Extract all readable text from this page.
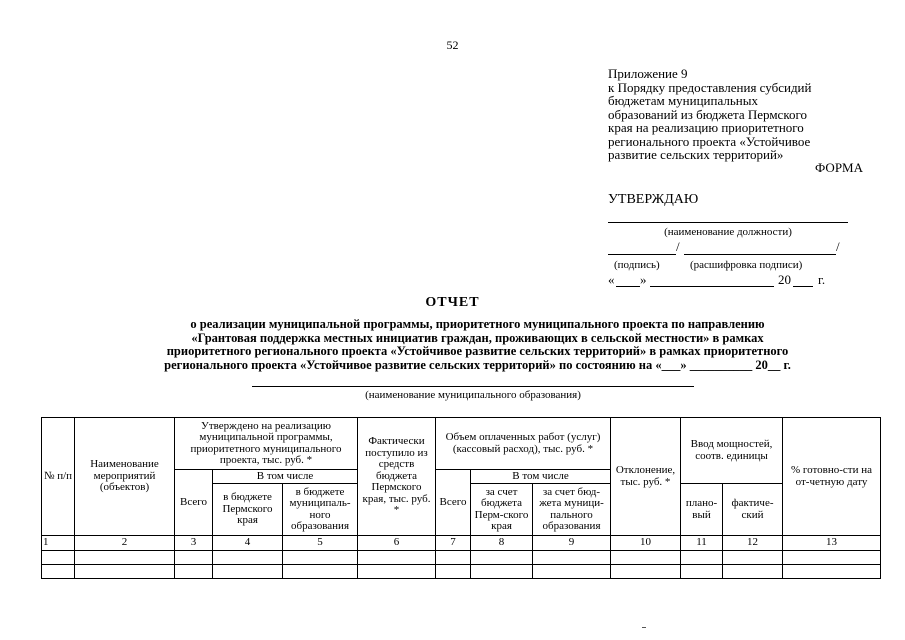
52
Приложение 9
к Порядку предоставления субсидий
бюджетам муниципальных
образований из бюджета Пермского
края на реализацию приоритетного
регионального проекта «Устойчивое
развитие сельских территорий»
ФОРМА
УТВЕРЖДАЮ
(наименование должности)
/	/
(подпись)	(расшифровка подписи)
« »	20 г.
ОТЧЕТ
о реализации муниципальной программы, приоритетного муниципального проекта по направлению
«Грантовая поддержка местных инициатив граждан, проживающих в сельской местности» в рамках
приоритетного регионального проекта «Устойчивое развитие сельских территорий» в рамках приоритетного
регионального проекта «Устойчивое развитие сельских территорий» по состоянию на «___» __________ 20__ г.
(наименование муниципального образования)
№ п/п	Наименование мероприятий (объектов)	Утверждено на реализацию муниципальной программы, приоритетного муниципального проекта, тыс. руб. *			Фактически поступило из средств бюджета Пермского края, тыс. руб. *	Объем оплаченных работ (услуг) (кассовый расход), тыс. руб. *			Отклонение, тыс. руб. *	Ввод мощностей, соотв. единицы		% готовно-сти на от-четную дату
		Всего	В том числе			Всего	В том числе					
			в бюджете Пермского края	в бюджете муниципаль-ного образования			за счет бюджета Перм-ского края	за счет бюд-жета муници-пального образования		плано-вый	фактиче-ский	
1	2	3	4	5	6	7	8	9	10	11	12	13
